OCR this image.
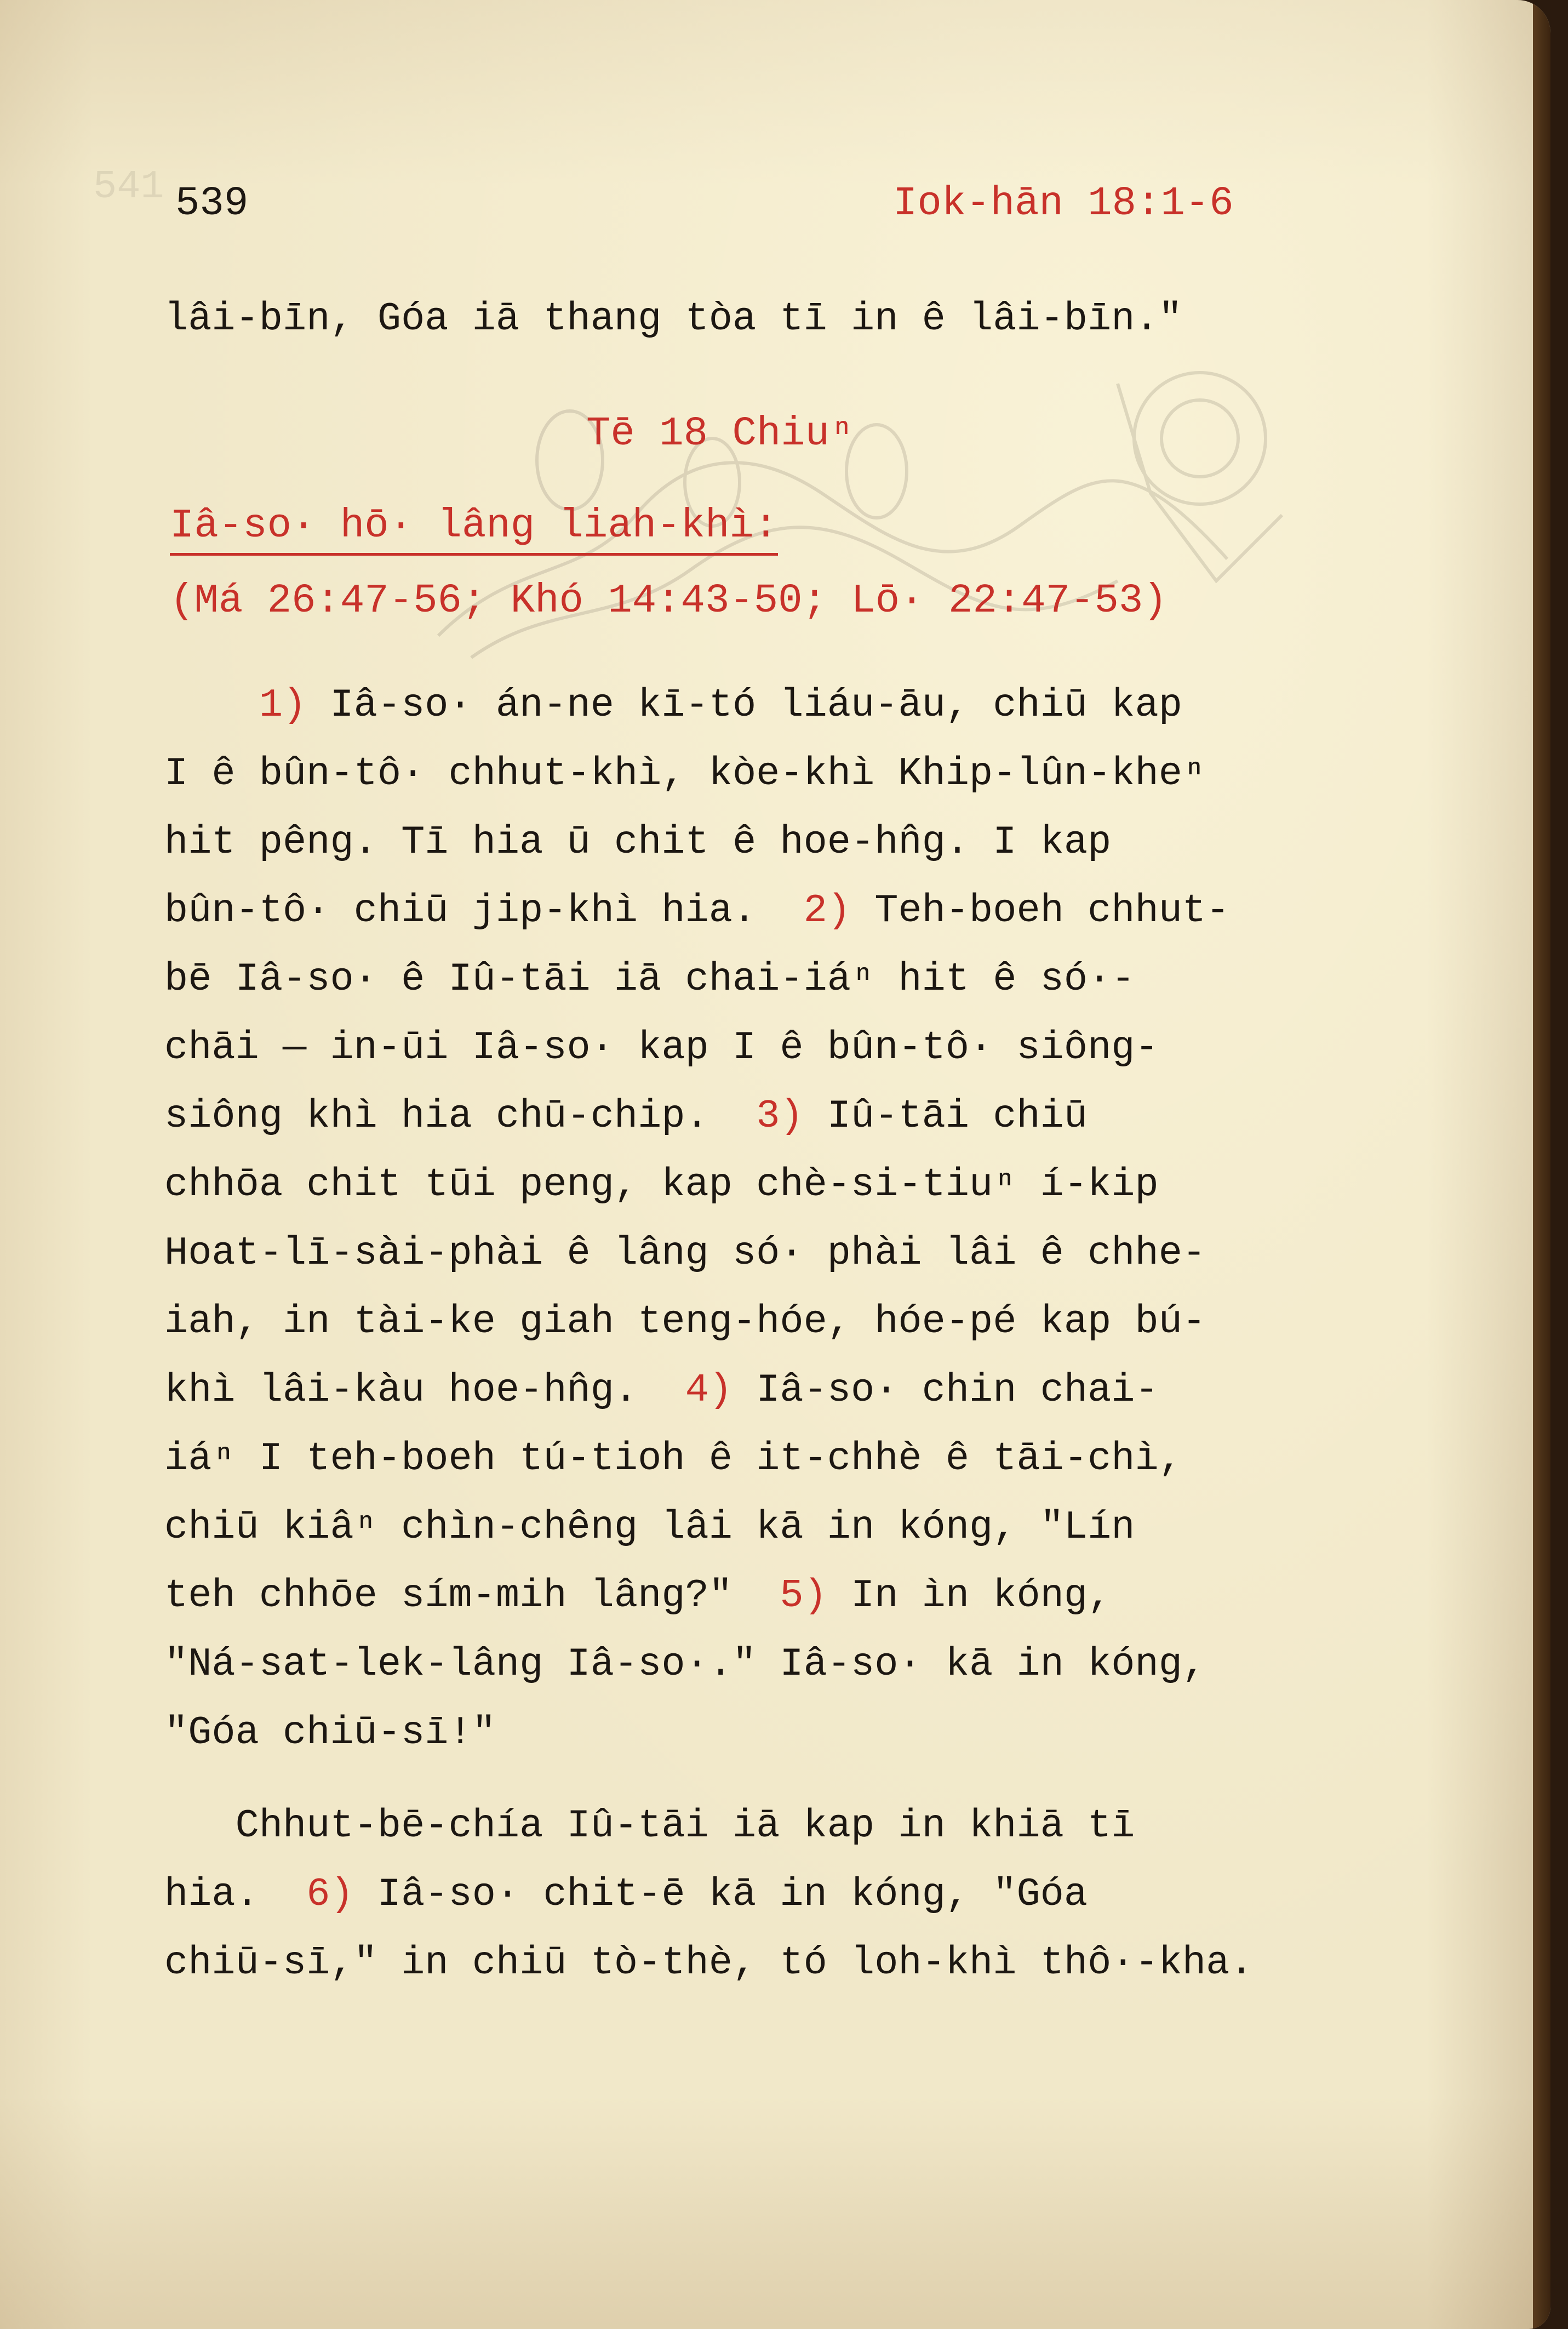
541 539	Iok-hān 18:1-6
lâi-bīn, Góa iā thang tòa tī in ê lâi-bīn."
Tē 18 Chiuⁿ
Iâ-so· hō· lâng liah-khì:
(Má 26:47-56; Khó 14:43-50; Lō· 22:47-53)
1) Iâ-so· án-ne kī-tó liáu-āu, chiū kap
I ê bûn-tô· chhut-khì, kòe-khì Khip-lûn-kheⁿ
hit pêng. Tī hia ū chit ê hoe-hn̂g. I kap
bûn-tô· chiū jip-khì hia.  2) Teh-boeh chhut-
bē Iâ-so· ê Iû-tāi iā chai-iáⁿ hit ê só·-
chāi — in-ūi Iâ-so· kap I ê bûn-tô· siông-
siông khì hia chū-chip.  3) Iû-tāi chiū
chhōa chit tūi peng, kap chè-si-tiuⁿ í-kip
Hoat-lī-sài-phài ê lâng só· phài lâi ê chhe-
iah, in tài-ke giah teng-hóe, hóe-pé kap bú-
khì lâi-kàu hoe-hn̂g.  4) Iâ-so· chin chai-
iáⁿ I teh-boeh tú-tioh ê it-chhè ê tāi-chì,
chiū kiâⁿ chìn-chêng lâi kā in kóng, "Lín
teh chhōe sím-mih lâng?"  5) In ìn kóng,
"Ná-sat-lek-lâng Iâ-so·." Iâ-so· kā in kóng,
"Góa chiū-sī!"
Chhut-bē-chía Iû-tāi iā kap in khiā tī
hia.  6) Iâ-so· chit-ē kā in kóng, "Góa
chiū-sī," in chiū tò-thè, tó loh-khì thô·-kha.
